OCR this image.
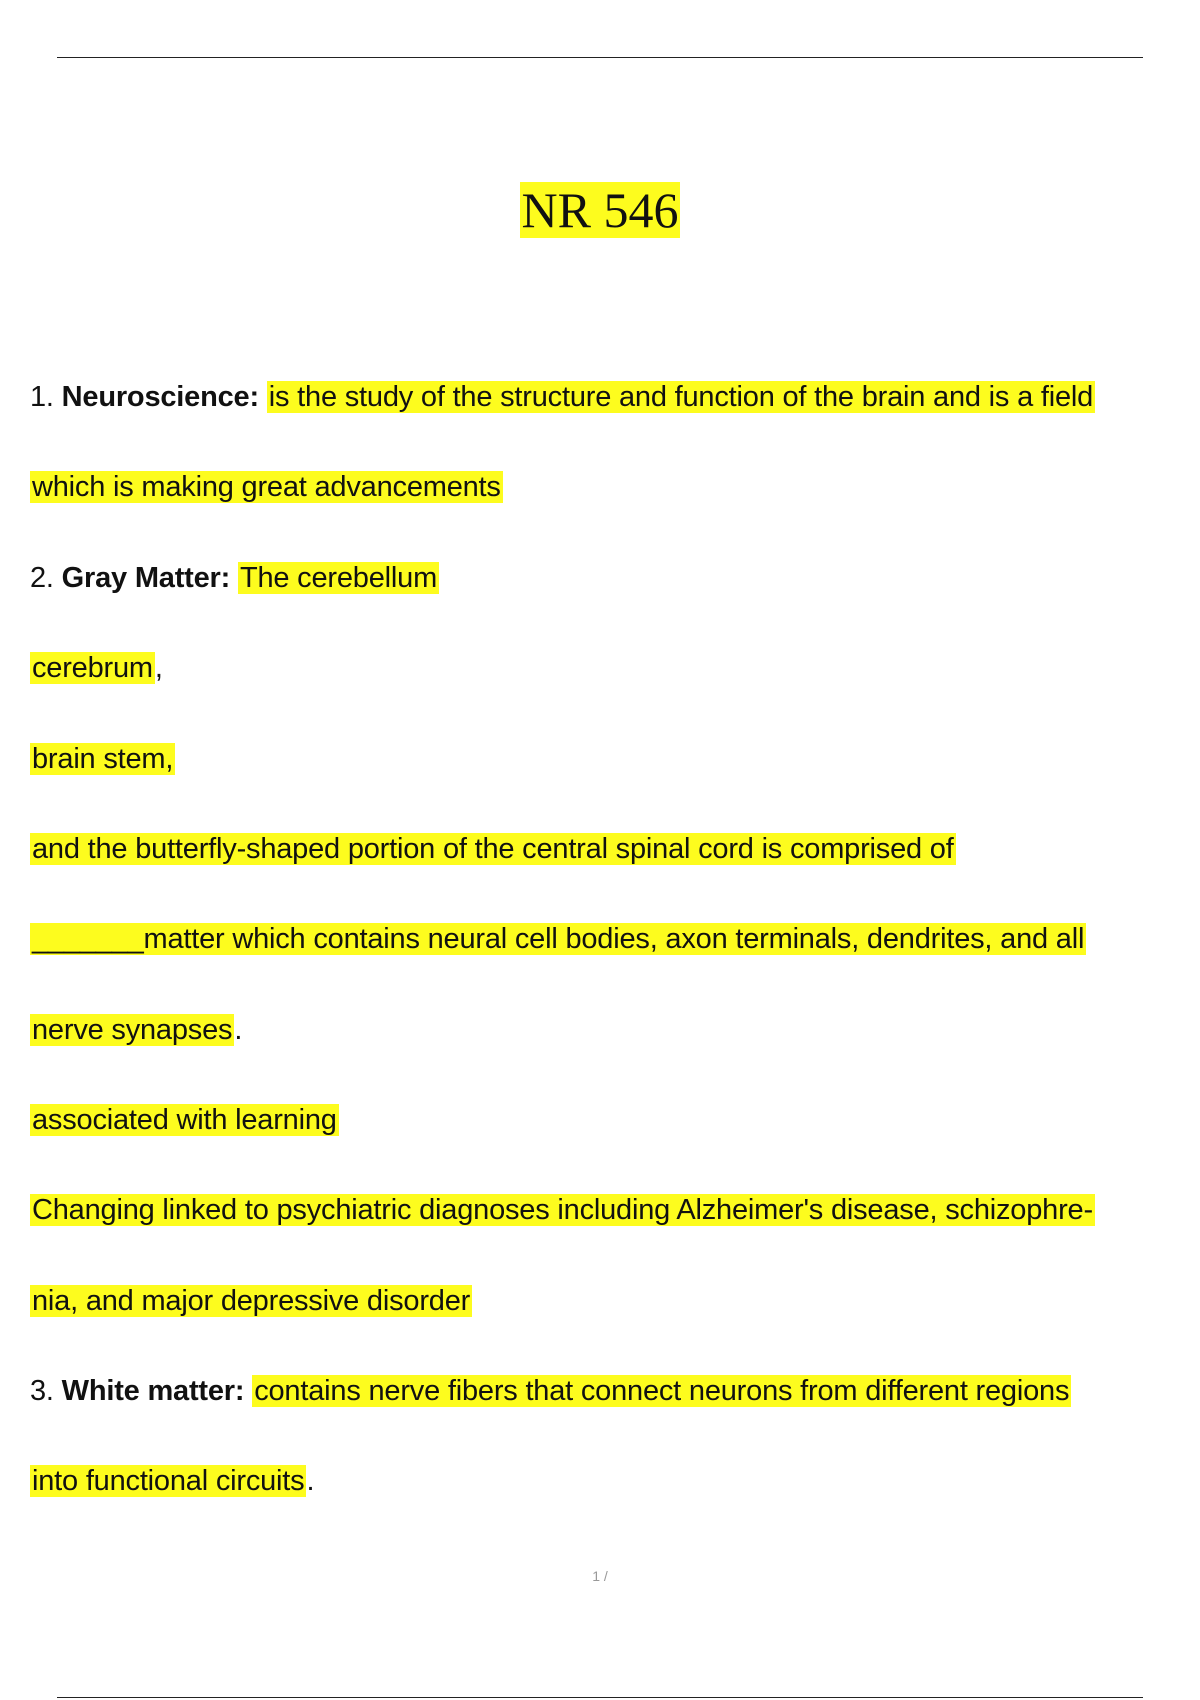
NR 546
1. Neuroscience: is the study of the structure and function of the brain and is a field
which is making great advancements
2. Gray Matter: The cerebellum
cerebrum,
brain stem,
and the butterfly-shaped portion of the central spinal cord is comprised of
_______matter which contains neural cell bodies, axon terminals, dendrites, and all
nerve synapses.
associated with learning
Changing linked to psychiatric diagnoses including Alzheimer's disease, schizophre-
nia, and major depressive disorder
3. White matter: contains nerve fibers that connect neurons from different regions
into functional circuits.
1 /
